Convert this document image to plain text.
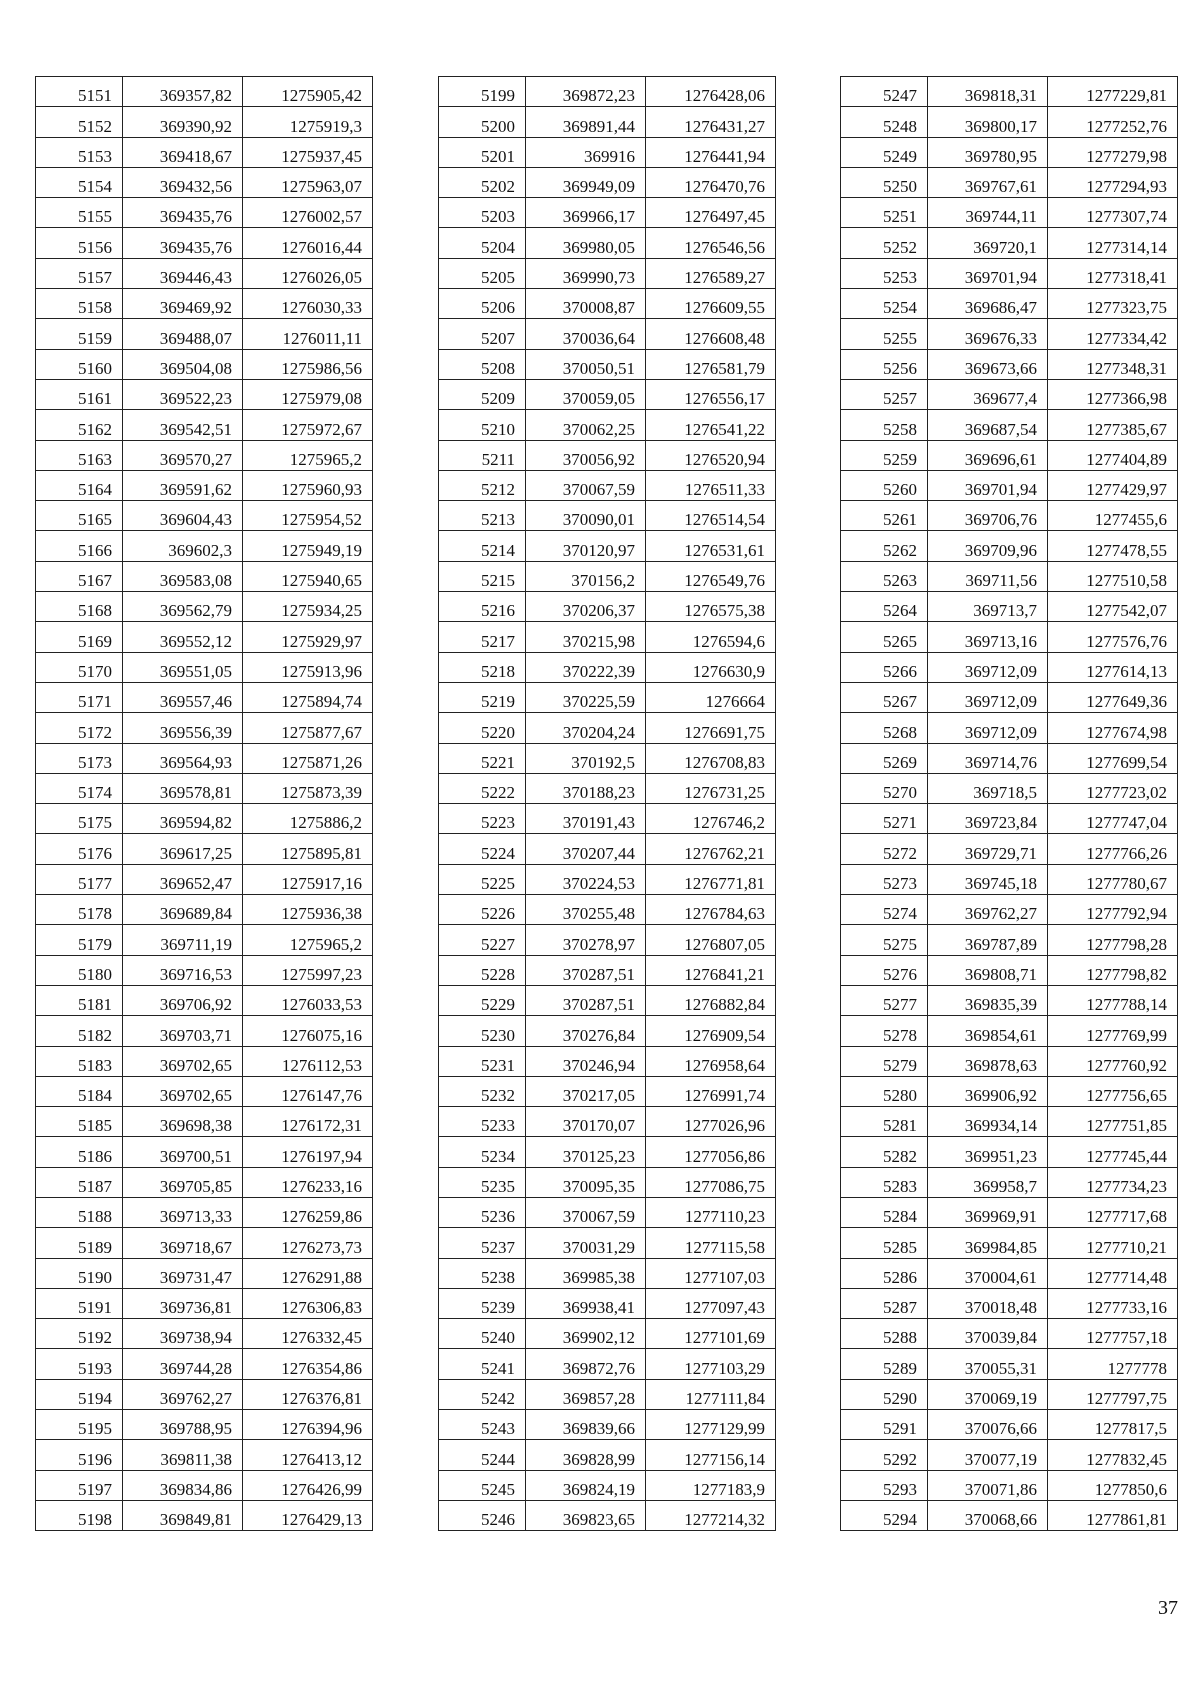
5151	369357,82	1275905,42
5152	369390,92	1275919,3
5153	369418,67	1275937,45
5154	369432,56	1275963,07
5155	369435,76	1276002,57
5156	369435,76	1276016,44
5157	369446,43	1276026,05
5158	369469,92	1276030,33
5159	369488,07	1276011,11
5160	369504,08	1275986,56
5161	369522,23	1275979,08
5162	369542,51	1275972,67
5163	369570,27	1275965,2
5164	369591,62	1275960,93
5165	369604,43	1275954,52
5166	369602,3	1275949,19
5167	369583,08	1275940,65
5168	369562,79	1275934,25
5169	369552,12	1275929,97
5170	369551,05	1275913,96
5171	369557,46	1275894,74
5172	369556,39	1275877,67
5173	369564,93	1275871,26
5174	369578,81	1275873,39
5175	369594,82	1275886,2
5176	369617,25	1275895,81
5177	369652,47	1275917,16
5178	369689,84	1275936,38
5179	369711,19	1275965,2
5180	369716,53	1275997,23
5181	369706,92	1276033,53
5182	369703,71	1276075,16
5183	369702,65	1276112,53
5184	369702,65	1276147,76
5185	369698,38	1276172,31
5186	369700,51	1276197,94
5187	369705,85	1276233,16
5188	369713,33	1276259,86
5189	369718,67	1276273,73
5190	369731,47	1276291,88
5191	369736,81	1276306,83
5192	369738,94	1276332,45
5193	369744,28	1276354,86
5194	369762,27	1276376,81
5195	369788,95	1276394,96
5196	369811,38	1276413,12
5197	369834,86	1276426,99
5198	369849,81	1276429,13
5199	369872,23	1276428,06
5200	369891,44	1276431,27
5201	369916	1276441,94
5202	369949,09	1276470,76
5203	369966,17	1276497,45
5204	369980,05	1276546,56
5205	369990,73	1276589,27
5206	370008,87	1276609,55
5207	370036,64	1276608,48
5208	370050,51	1276581,79
5209	370059,05	1276556,17
5210	370062,25	1276541,22
5211	370056,92	1276520,94
5212	370067,59	1276511,33
5213	370090,01	1276514,54
5214	370120,97	1276531,61
5215	370156,2	1276549,76
5216	370206,37	1276575,38
5217	370215,98	1276594,6
5218	370222,39	1276630,9
5219	370225,59	1276664
5220	370204,24	1276691,75
5221	370192,5	1276708,83
5222	370188,23	1276731,25
5223	370191,43	1276746,2
5224	370207,44	1276762,21
5225	370224,53	1276771,81
5226	370255,48	1276784,63
5227	370278,97	1276807,05
5228	370287,51	1276841,21
5229	370287,51	1276882,84
5230	370276,84	1276909,54
5231	370246,94	1276958,64
5232	370217,05	1276991,74
5233	370170,07	1277026,96
5234	370125,23	1277056,86
5235	370095,35	1277086,75
5236	370067,59	1277110,23
5237	370031,29	1277115,58
5238	369985,38	1277107,03
5239	369938,41	1277097,43
5240	369902,12	1277101,69
5241	369872,76	1277103,29
5242	369857,28	1277111,84
5243	369839,66	1277129,99
5244	369828,99	1277156,14
5245	369824,19	1277183,9
5246	369823,65	1277214,32
5247	369818,31	1277229,81
5248	369800,17	1277252,76
5249	369780,95	1277279,98
5250	369767,61	1277294,93
5251	369744,11	1277307,74
5252	369720,1	1277314,14
5253	369701,94	1277318,41
5254	369686,47	1277323,75
5255	369676,33	1277334,42
5256	369673,66	1277348,31
5257	369677,4	1277366,98
5258	369687,54	1277385,67
5259	369696,61	1277404,89
5260	369701,94	1277429,97
5261	369706,76	1277455,6
5262	369709,96	1277478,55
5263	369711,56	1277510,58
5264	369713,7	1277542,07
5265	369713,16	1277576,76
5266	369712,09	1277614,13
5267	369712,09	1277649,36
5268	369712,09	1277674,98
5269	369714,76	1277699,54
5270	369718,5	1277723,02
5271	369723,84	1277747,04
5272	369729,71	1277766,26
5273	369745,18	1277780,67
5274	369762,27	1277792,94
5275	369787,89	1277798,28
5276	369808,71	1277798,82
5277	369835,39	1277788,14
5278	369854,61	1277769,99
5279	369878,63	1277760,92
5280	369906,92	1277756,65
5281	369934,14	1277751,85
5282	369951,23	1277745,44
5283	369958,7	1277734,23
5284	369969,91	1277717,68
5285	369984,85	1277710,21
5286	370004,61	1277714,48
5287	370018,48	1277733,16
5288	370039,84	1277757,18
5289	370055,31	1277778
5290	370069,19	1277797,75
5291	370076,66	1277817,5
5292	370077,19	1277832,45
5293	370071,86	1277850,6
5294	370068,66	1277861,81
37
